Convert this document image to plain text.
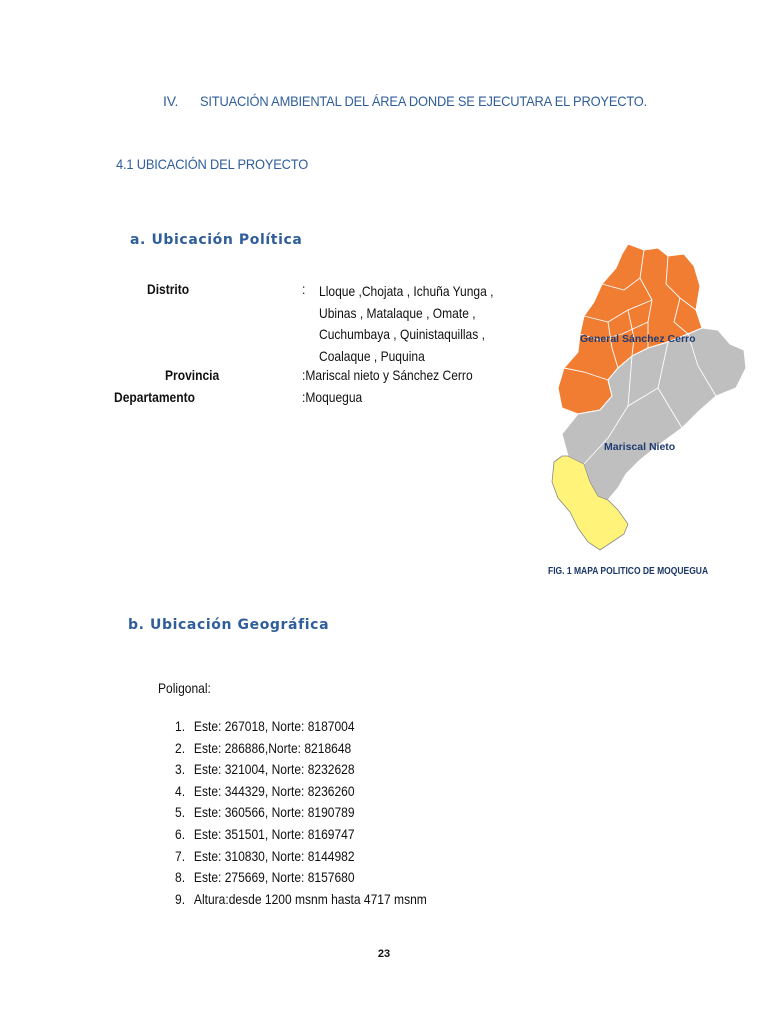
IV. SITUACIÓN AMBIENTAL DEL ÁREA DONDE SE EJECUTARA EL PROYECTO.
4.1 UBICACIÓN DEL PROYECTO
a. Ubicación Política
Distrito	: Lloque ,Chojata , Ichuña Yunga , Ubinas , Matalaque , Omate , Cuchumbaya , Quinistaquillas , Coalaque , Puquina
Provincia	:Mariscal nieto y Sánchez Cerro
Departamento	:Moquegua
General Sánchez Cerro
Mariscal Nieto
FIG. 1 MAPA POLITICO DE MOQUEGUA
b. Ubicación Geográfica
Poligonal:
1. Este: 267018, Norte: 8187004
2. Este: 286886,Norte: 8218648
3. Este: 321004, Norte: 8232628
4. Este: 344329, Norte: 8236260
5. Este: 360566, Norte: 8190789
6. Este: 351501, Norte: 8169747
7. Este: 310830, Norte: 8144982
8. Este: 275669, Norte: 8157680
9. Altura:desde 1200 msnm hasta 4717 msnm
23
